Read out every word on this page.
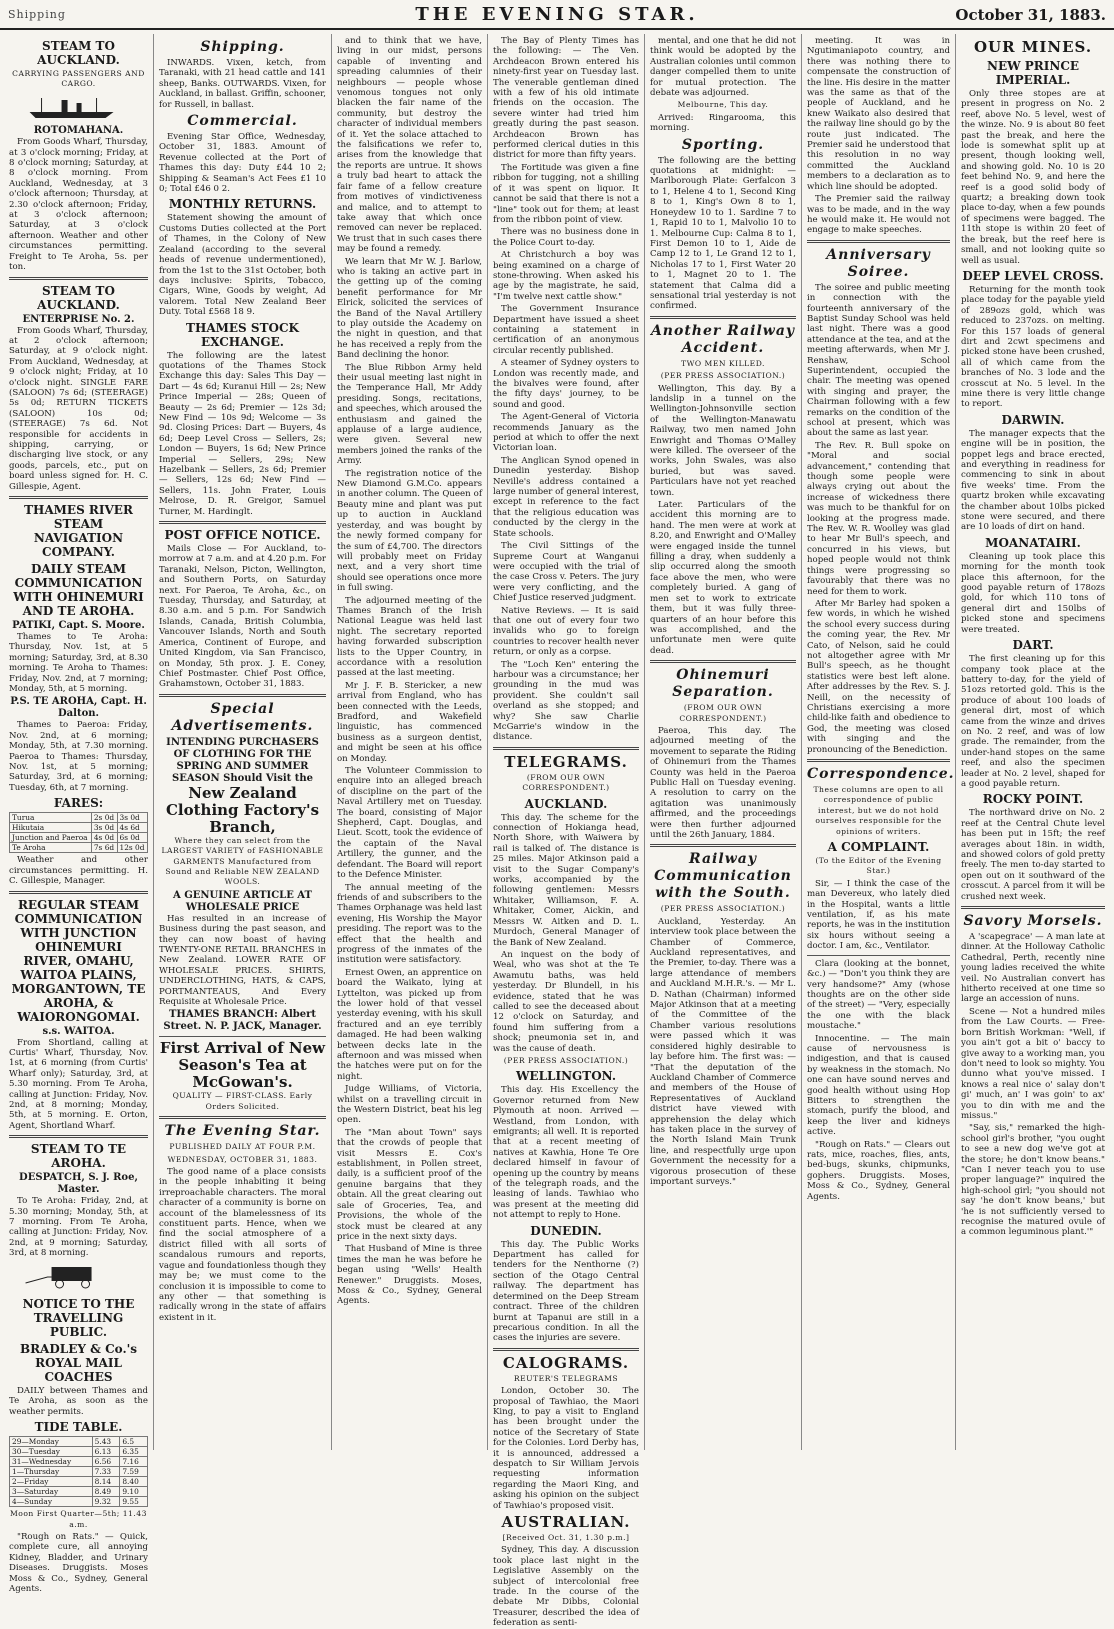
Shipping	THE EVENING STAR.	October 31, 1883.
STEAM TO AUCKLAND.
CARRYING PASSENGERS AND CARGO.
ROTOMAHANA.

From Goods Wharf, Thursday, at 3 o'clock morning; Friday, at 8 o'clock morning; Saturday, at 8 o'clock morning. From Auckland, Wednesday, at 3 o'clock afternoon; Thursday, at 2.30 o'clock afternoon; Friday, at 3 o'clock afternoon; Saturday, at 3 o'clock afternoon. Weather and other circumstances permitting. Freight to Te Aroha, 5s. per ton.

STEAM TO AUCKLAND.
ENTERPRISE No. 2.

From Goods Wharf, Thursday, at 2 o'clock afternoon; Saturday, at 9 o'clock night. From Auckland, Wednesday, at 9 o'clock night; Friday, at 10 o'clock night. SINGLE FARE (SALOON) 7s 6d; (STEERAGE) 5s 0d; RETURN TICKETS (SALOON) 10s 0d; (STEERAGE) 7s 6d. Not responsible for accidents in shipping, carrying, or discharging live stock, or any goods, parcels, etc., put on board unless signed for. H. C. Gillespie, Agent.

THAMES RIVER STEAM NAVIGATION COMPANY.
DAILY STEAM COMMUNICATION WITH OHINEMURI AND TE AROHA.
PATIKI, Capt. S. Moore.

Thames to Te Aroha: Thursday, Nov. 1st, at 5 morning; Saturday, 3rd, at 8.30 morning. Te Aroha to Thames: Friday, Nov. 2nd, at 7 morning; Monday, 5th, at 5 morning.

P.S. TE AROHA, Capt. H. Dalton.

Thames to Paeroa: Friday, Nov. 2nd, at 6 morning; Monday, 5th, at 7.30 morning. Paeroa to Thames: Thursday, Nov. 1st, at 5 morning; Saturday, 3rd, at 6 morning; Tuesday, 6th, at 7 morning.

FARES:
Turua	2s 0d	3s 0d
Hikutaia	3s 0d	4s 6d
Junction and Paeroa	4s 0d	6s 0d
Te Aroha	7s 6d	12s 0d

Weather and other circumstances permitting. H. C. Gillespie, Manager.

REGULAR STEAM COMMUNICATION WITH JUNCTION OHINEMURI RIVER, OMAHU, WAITOA PLAINS, MORGANTOWN, TE AROHA, & WAIORONGOMAI.
s.s. WAITOA.

From Shortland, calling at Curtis' Wharf, Thursday, Nov. 1st, at 6 morning (from Curtis' Wharf only); Saturday, 3rd, at 5.30 morning. From Te Aroha, calling at Junction: Friday, Nov. 2nd, at 8 morning; Monday, 5th, at 5 morning. E. Orton, Agent, Shortland Wharf.

STEAM TO TE AROHA.
DESPATCH, S. J. Roe, Master.

To Te Aroha: Friday, 2nd, at 5.30 morning; Monday, 5th, at 7 morning. From Te Aroha, calling at Junction: Friday, Nov. 2nd, at 9 morning; Saturday, 3rd, at 8 morning.

NOTICE TO THE TRAVELLING PUBLIC.
BRADLEY & Co.'s ROYAL MAIL COACHES

DAILY between Thames and Te Aroha, as soon as the weather permits.

TIDE TABLE.
29—Monday	5.43	6.5
30—Tuesday	6.13	6.35
31—Wednesday	6.56	7.16
1—Thursday	7.33	7.59
2—Friday	8.14	8.40
3—Saturday	8.49	9.10
4—Sunday	9.32	9.55
Moon First Quarter—5th; 11.43 a.m.

"Rough on Rats." — Quick, complete cure, all annoying Kidney, Bladder, and Urinary Diseases. Druggists. Moses Moss & Co., Sydney, General Agents.

Shipping.

INWARDS. Vixen, ketch, from Taranaki, with 21 head cattle and 141 sheep, Banks. OUTWARDS. Vixen, for Auckland, in ballast. Griffin, schooner, for Russell, in ballast.

Commercial.

Evening Star Office, Wednesday, October 31, 1883. Amount of Revenue collected at the Port of Thames this day: Duty £44 10 2; Shipping & Seaman's Act Fees £1 10 0; Total £46 0 2.

MONTHLY RETURNS.

Statement showing the amount of Customs Duties collected at the Port of Thames, in the Colony of New Zealand (according to the several heads of revenue undermentioned), from the 1st to the 31st October, both days inclusive: Spirits, Tobacco, Cigars, Wine, Goods by weight, Ad valorem. Total New Zealand Beer Duty. Total £568 18 9.

THAMES STOCK EXCHANGE.

The following are the latest quotations of the Thames Stock Exchange this day: Sales This Day — Dart — 4s 6d; Kuranui Hill — 2s; New Prince Imperial — 28s; Queen of Beauty — 2s 6d; Premier — 12s 3d; New Find — 10s 9d; Welcome — 3s 9d. Closing Prices: Dart — Buyers, 4s 6d; Deep Level Cross — Sellers, 2s; London — Buyers, 1s 6d; New Prince Imperial — Sellers, 29s; New Hazelbank — Sellers, 2s 6d; Premier — Sellers, 12s 6d; New Find — Sellers, 11s. John Frater, Louis Melrose, D. R. Greigor, Samuel Turner, M. Hardinglt.

POST OFFICE NOTICE.

Mails Close — For Auckland, to-morrow at 7 a.m. and at 4.20 p.m. For Taranaki, Nelson, Picton, Wellington, and Southern Ports, on Saturday next. For Paeroa, Te Aroha, &c., on Tuesday, Thursday, and Saturday, at 8.30 a.m. and 5 p.m. For Sandwich Islands, Canada, British Columbia, Vancouver Islands, North and South America, Continent of Europe, and United Kingdom, via San Francisco, on Monday, 5th prox. J. E. Coney, Chief Postmaster. Chief Post Office, Grahamstown, October 31, 1883.

Special Advertisements.
INTENDING PURCHASERS OF CLOTHING FOR THE SPRING AND SUMMER SEASON Should Visit the
New Zealand Clothing Factory's Branch,
Where they can select from the LARGEST VARIETY of FASHIONABLE GARMENTS Manufactured from Sound and Reliable NEW ZEALAND WOOLS.
A GENUINE ARTICLE AT WHOLESALE PRICE

Has resulted in an increase of Business during the past season, and they can now boast of having TWENTY-ONE RETAIL BRANCHES in New Zealand. LOWER RATE OF WHOLESALE PRICES. SHIRTS, UNDERCLOTHING, HATS, & CAPS, PORTMANTEAUS, And Every Requisite at Wholesale Price.

THAMES BRANCH: Albert Street. N. P. JACK, Manager.
First Arrival of New Season's Tea at McGowan's.
QUALITY — FIRST-CLASS. Early Orders Solicited.
The Evening Star.
PUBLISHED DAILY AT FOUR P.M.
WEDNESDAY, OCTOBER 31, 1883.

The good name of a place consists in the people inhabiting it being irreproachable characters. The moral character of a community is borne on account of the blamelessness of its constituent parts. Hence, when we find the social atmosphere of a district filled with all sorts of scandalous rumours and reports, vague and foundationless though they may be; we must come to the conclusion it is impossible to come to any other — that something is radically wrong in the state of affairs existent in it.

and to think that we have, living in our midst, persons capable of inventing and spreading calumnies of their neighbours — people whose venomous tongues not only blacken the fair name of the community, but destroy the character of individual members of it. Yet the solace attached to the falsifications we refer to, arises from the knowledge that the reports are untrue. It shows a truly bad heart to attack the fair fame of a fellow creature from motives of vindictiveness and malice, and to attempt to take away that which once removed can never be replaced. We trust that in such cases there may be found a remedy.

We learn that Mr W. J. Barlow, who is taking an active part in the getting up of the coming benefit performance for Mr Elrick, solicited the services of the Band of the Naval Artillery to play outside the Academy on the night in question, and that he has received a reply from the Band declining the honor.

The Blue Ribbon Army held their usual meeting last night in the Temperance Hall, Mr Addy presiding. Songs, recitations, and speeches, which aroused the enthusiasm and gained the applause of a large audience, were given. Several new members joined the ranks of the Army.

The registration notice of the New Diamond G.M.Co. appears in another column. The Queen of Beauty mine and plant was put up to auction in Auckland yesterday, and was bought by the newly formed company for the sum of £4,700. The directors will probably meet on Friday next, and a very short time should see operations once more in full swing.

The adjourned meeting of the Thames Branch of the Irish National League was held last night. The secretary reported having forwarded subscription lists to the Upper Country, in accordance with a resolution passed at the last meeting.

Mr J. F. B. Stericker, a new arrival from England, who has been connected with the Leeds, Bradford, and Wakefield linguistic, has commenced business as a surgeon dentist, and might be seen at his office on Monday.

The Volunteer Commission to enquire into an alleged breach of discipline on the part of the Naval Artillery met on Tuesday. The board, consisting of Major Shepherd, Capt. Douglas, and Lieut. Scott, took the evidence of the captain of the Naval Artillery, the gunner, and the defendant. The Board will report to the Defence Minister.

The annual meeting of the friends of and subscribers to the Thames Orphanage was held last evening, His Worship the Mayor presiding. The report was to the effect that the health and progress of the inmates of the institution were satisfactory.

Ernest Owen, an apprentice on board the Waikato, lying at Lyttelton, was picked up from the lower hold of that vessel yesterday evening, with his skull fractured and an eye terribly damaged. He had been walking between decks late in the afternoon and was missed when the hatches were put on for the night.

Judge Williams, of Victoria, whilst on a travelling circuit in the Western District, beat his leg open.

The "Man about Town" says that the crowds of people that visit Messrs E. Cox's establishment, in Pollen street, daily, is a sufficient proof of the genuine bargains that they obtain. All the great clearing out sale of Groceries, Tea, and Provisions, the whole of the stock must be cleared at any price in the next sixty days.

That Husband of Mine is three times the man he was before he began using "Wells' Health Renewer." Druggists. Moses, Moss & Co., Sydney, General Agents.

The Bay of Plenty Times has the following: — The Ven. Archdeacon Brown entered his ninety-first year on Tuesday last. The venerable gentleman dined with a few of his old intimate friends on the occasion. The severe winter had tried him greatly during the past season. Archdeacon Brown has performed clerical duties in this district for more than fifty years.

The Fortitude was given a fine ribbon for tugging, not a shilling of it was spent on liquor. It cannot be said that there is not a "line" took out for them; at least from the ribbon point of view.

There was no business done in the Police Court to-day.

At Christchurch a boy was being examined on a charge of stone-throwing. When asked his age by the magistrate, he said, "I'm twelve next cattle show."

The Government Insurance Department have issued a sheet containing a statement in certification of an anonymous circular recently published.

A steamer of Sydney oysters to London was recently made, and the bivalves were found, after the fifty days' journey, to be sound and good.

The Agent-General of Victoria recommends January as the period at which to offer the next Victorian loan.

The Anglican Synod opened in Dunedin yesterday. Bishop Neville's address contained a large number of general interest, except in reference to the fact that the religious education was conducted by the clergy in the State schools.

The Civil Sittings of the Supreme Court at Wanganui were occupied with the trial of the case Cross v. Peters. The jury were very conflicting, and the Chief Justice reserved judgment.

Native Reviews. — It is said that one out of every four two invalids who go to foreign countries to recover health never return, or only as a corpse.

The "Loch Ken" entering the harbour was a circumstance; her grounding in the mud was provident. She couldn't sail overland as she stopped; and why? She saw Charlie McGarrie's window in the distance.

TELEGRAMS.
(FROM OUR OWN CORRESPONDENT.)
AUCKLAND.

This day. The scheme for the connection of Hokianga head, North Shore, with Waiwera by rail is talked of. The distance is 25 miles. Major Atkinson paid a visit to the Sugar Company's works, accompanied by the following gentlemen: Messrs Whitaker, Williamson, F. A. Whitaker, Comer, Aickin, and Messrs W. Aitken and D. L. Murdoch, General Manager of the Bank of New Zealand.

An inquest on the body of Weal, who was shot at the Te Awamutu baths, was held yesterday. Dr Blundell, in his evidence, stated that he was called to see the deceased about 12 o'clock on Saturday, and found him suffering from a shock; pneumonia set in, and was the cause of death.

(PER PRESS ASSOCIATION.)
WELLINGTON.

This day. His Excellency the Governor returned from New Plymouth at noon. Arrived — Westland, from London, with emigrants; all well. It is reported that at a recent meeting of natives at Kawhia, Hone Te Ore declared himself in favour of opening up the country by means of the telegraph roads, and the leasing of lands. Tawhiao who was present at the meeting did not attempt to reply to Hone.

DUNEDIN.

This day. The Public Works Department has called for tenders for the Nenthorne (?) section of the Otago Central railway. The department has determined on the Deep Stream contract. Three of the children burnt at Tapanui are still in a precarious condition. In all the cases the injuries are severe.

CALOGRAMS.
REUTER'S TELEGRAMS

London, October 30. The proposal of Tawhiao, the Maori King, to pay a visit to England has been brought under the notice of the Secretary of State for the Colonies. Lord Derby has, it is announced, addressed a despatch to Sir William Jervois requesting information regarding the Maori King, and asking his opinion on the subject of Tawhiao's proposed visit.

AUSTRALIAN.
[Received Oct. 31, 1.30 p.m.]

Sydney, This day. A discussion took place last night in the Legislative Assembly on the subject of intercolonial free trade. In the course of the debate Mr Dibbs, Colonial Treasurer, described the idea of federation as senti-

mental, and one that he did not think would be adopted by the Australian colonies until common danger compelled them to unite for mutual protection. The debate was adjourned.

Melbourne, This day.

Arrived: Ringarooma, this morning.

Sporting.

The following are the betting quotations at midnight: — Marlborough Plate: Gerfalcon 3 to 1, Helene 4 to 1, Second King 8 to 1, King's Own 8 to 1, Honeydew 10 to 1. Sardine 7 to 1, Rapid 10 to 1, Malvolio 10 to 1. Melbourne Cup: Calma 8 to 1, First Demon 10 to 1, Aide de Camp 12 to 1, Le Grand 12 to 1, Nicholas 17 to 1, First Water 20 to 1, Magnet 20 to 1. The statement that Calma did a sensational trial yesterday is not confirmed.

Another Railway Accident.
TWO MEN KILLED.
(PER PRESS ASSOCIATION.)

Wellington, This day. By a landslip in a tunnel on the Wellington-Johnsonville section of the Wellington-Manawatu Railway, two men named John Enwright and Thomas O'Malley were killed. The overseer of the works, John Swales, was also buried, but was saved. Particulars have not yet reached town.

Later. Particulars of the accident this morning are to hand. The men were at work at 8.20, and Enwright and O'Malley were engaged inside the tunnel filling a dray, when suddenly a slip occurred along the smooth face above the men, who were completely buried. A gang of men set to work to extricate them, but it was fully three-quarters of an hour before this was accomplished, and the unfortunate men were quite dead.

Ohinemuri Separation.
(FROM OUR OWN CORRESPONDENT.)

Paeroa, This day. The adjourned meeting of the movement to separate the Riding of Ohinemuri from the Thames County was held in the Paeroa Public Hall on Tuesday evening. A resolution to carry on the agitation was unanimously affirmed, and the proceedings were then further adjourned until the 26th January, 1884.

Railway Communication with the South.
(PER PRESS ASSOCIATION.)

Auckland, Yesterday. An interview took place between the Chamber of Commerce, Auckland representatives, and the Premier, to-day. There was a large attendance of members and Auckland M.H.R.'s. — Mr L. D. Nathan (Chairman) informed Major Atkinson that at a meeting of the Committee of the Chamber various resolutions were passed which it was considered highly desirable to lay before him. The first was: — "That the deputation of the Auckland Chamber of Commerce and members of the House of Representatives of Auckland district have viewed with apprehension the delay which has taken place in the survey of the North Island Main Trunk line, and respectfully urge upon Government the necessity for a vigorous prosecution of these important surveys."

meeting. It was in Ngutimaniapoto country, and there was nothing there to compensate the construction of the line. His desire in the matter was the same as that of the people of Auckland, and he knew Waikato also desired that the railway line should go by the route just indicated. The Premier said he understood that this resolution in no way committed the Auckland members to a declaration as to which line should be adopted.

The Premier said the railway was to be made, and in the way he would make it. He would not engage to make speeches.

Anniversary Soiree.

The soiree and public meeting in connection with the fourteenth anniversary of the Baptist Sunday School was held last night. There was a good attendance at the tea, and at the meeting afterwards, when Mr J. Renshaw, School Superintendent, occupied the chair. The meeting was opened with singing and prayer, the Chairman following with a few remarks on the condition of the school at present, which was about the same as last year.

The Rev. R. Bull spoke on "Moral and social advancement," contending that though some people were always crying out about the increase of wickedness there was much to be thankful for on looking at the progress made. The Rev. W. R. Woolley was glad to hear Mr Bull's speech, and concurred in his views, but hoped people would not think things were progressing so favourably that there was no need for them to work.

After Mr Barley had spoken a few words, in which he wished the school every success during the coming year, the Rev. Mr Cato, of Nelson, said he could not altogether agree with Mr Bull's speech, as he thought statistics were best left alone. After addresses by the Rev. S. J. Neill, on the necessity of Christians exercising a more child-like faith and obedience to God, the meeting was closed with singing and the pronouncing of the Benediction.

Correspondence.
These columns are open to all correspondence of public interest, but we do not hold ourselves responsible for the opinions of writers.
A COMPLAINT.
(To the Editor of the Evening Star.)

Sir, — I think the case of the man Devereux, who lately died in the Hospital, wants a little ventilation, if, as his mate reports, he was in the institution six hours without seeing a doctor. I am, &c., Ventilator.

Clara (looking at the bonnet, &c.) — "Don't you think they are very handsome?" Amy (whose thoughts are on the other side of the street) — "Very, especially the one with the black moustache."

Innocentine. — The main cause of nervousness is indigestion, and that is caused by weakness in the stomach. No one can have sound nerves and good health without using Hop Bitters to strengthen the stomach, purify the blood, and keep the liver and kidneys active.

"Rough on Rats." — Clears out rats, mice, roaches, flies, ants, bed-bugs, skunks, chipmunks, gophers. Druggists. Moses, Moss & Co., Sydney, General Agents.

OUR MINES.
NEW PRINCE IMPERIAL.

Only three stopes are at present in progress on No. 2 reef, above No. 5 level, west of the winze. No. 9 is about 80 feet past the break, and here the lode is somewhat split up at present, though looking well, and showing gold. No. 10 is 20 feet behind No. 9, and here the reef is a good solid body of quartz; a breaking down took place to-day, when a few pounds of specimens were bagged. The 11th stope is within 20 feet of the break, but the reef here is small, and not looking quite so well as usual.

DEEP LEVEL CROSS.

Returning for the month took place today for the payable yield of 289ozs gold, which was reduced to 237ozs. on melting. For this 157 loads of general dirt and 2cwt specimens and picked stone have been crushed, all of which came from the branches of No. 3 lode and the crosscut at No. 5 level. In the mine there is very little change to report.

DARWIN.

The manager expects that the engine will be in position, the poppet legs and brace erected, and everything in readiness for commencing to sink in about five weeks' time. From the quartz broken while excavating the chamber about 10lbs picked stone were secured, and there are 10 loads of dirt on hand.

MOANATAIRI.

Cleaning up took place this morning for the month took place this afternoon, for the good payable return of 178ozs gold, for which 110 tons of general dirt and 150lbs of picked stone and specimens were treated.

DART.

The first cleaning up for this company took place at the battery to-day, for the yield of 51ozs retorted gold. This is the produce of about 100 loads of general dirt, most of which came from the winze and drives on No. 2 reef, and was of low grade. The remainder, from the under-hand stopes on the same reef, and also the specimen leader at No. 2 level, shaped for a good payable return.

ROCKY POINT.

The northward drive on No. 2 reef at the Central Chute level has been put in 15ft; the reef averages about 18in. in width, and showed colors of gold pretty freely. The men to-day started to open out on it southward of the crosscut. A parcel from it will be crushed next week.

Savory Morsels.

A 'scapegrace' — A man late at dinner. At the Holloway Catholic Cathedral, Perth, recently nine young ladies received the white veil. No Australian convert has hitherto received at one time so large an accession of nuns.

Scene — Not a hundred miles from the Law Courts. — Free-born British Workman: "Well, if you ain't got a bit o' baccy to give away to a working man, you don't need to look so mighty. You dunno what you've missed. I knows a real nice o' salay don't gi' much, an' I was goin' to ax' you to din with me and the missus."

"Say, sis," remarked the high-school girl's brother, "you ought to see a new dog we've got at the store; he don't know beans." "Can I never teach you to use proper language?" inquired the high-school girl; "you should not say 'he don't know beans,' but 'he is not sufficiently versed to recognise the matured ovule of a common leguminous plant.'"
